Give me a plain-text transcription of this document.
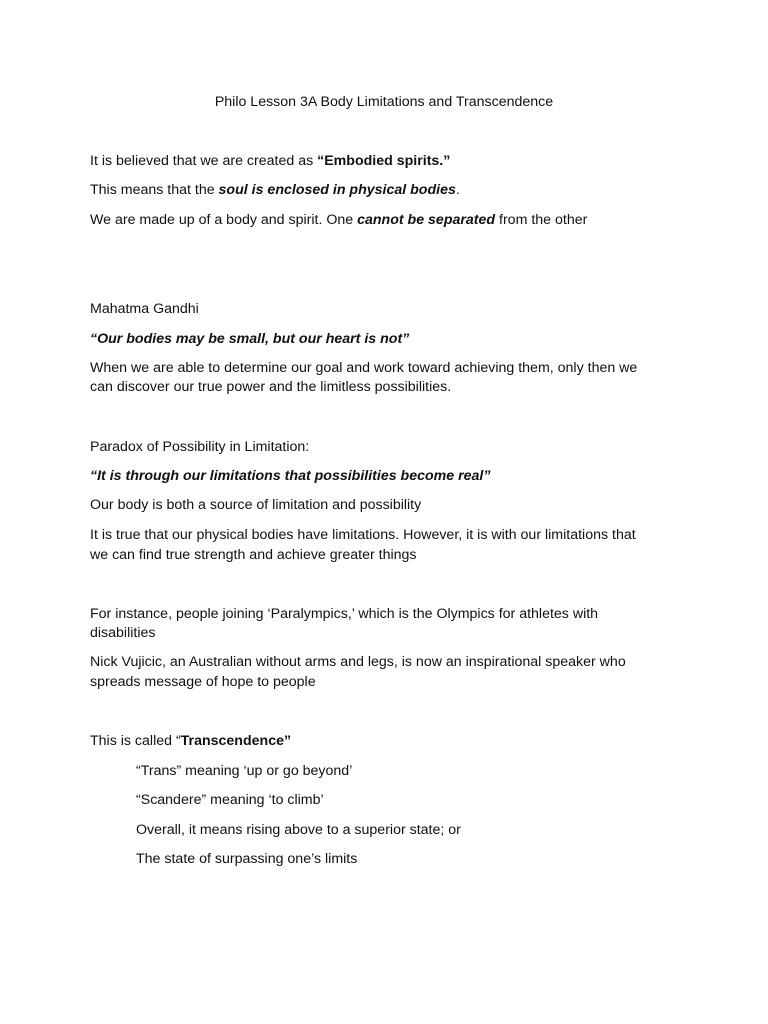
Philo Lesson 3A Body Limitations and Transcendence
It is believed that we are created as “Embodied spirits.”
This means that the soul is enclosed in physical bodies.
We are made up of a body and spirit. One cannot be separated from the other
Mahatma Gandhi
“Our bodies may be small, but our heart is not”
When we are able to determine our goal and work toward achieving them, only then we
can discover our true power and the limitless possibilities.
Paradox of Possibility in Limitation:
“It is through our limitations that possibilities become real”
Our body is both a source of limitation and possibility
It is true that our physical bodies have limitations. However, it is with our limitations that
we can find true strength and achieve greater things
For instance, people joining ‘Paralympics,’ which is the Olympics for athletes with
disabilities
Nick Vujicic, an Australian without arms and legs, is now an inspirational speaker who
spreads message of hope to people
This is called “Transcendence”
“Trans” meaning ‘up or go beyond’
“Scandere” meaning ‘to climb’
Overall, it means rising above to a superior state; or
The state of surpassing one’s limits
